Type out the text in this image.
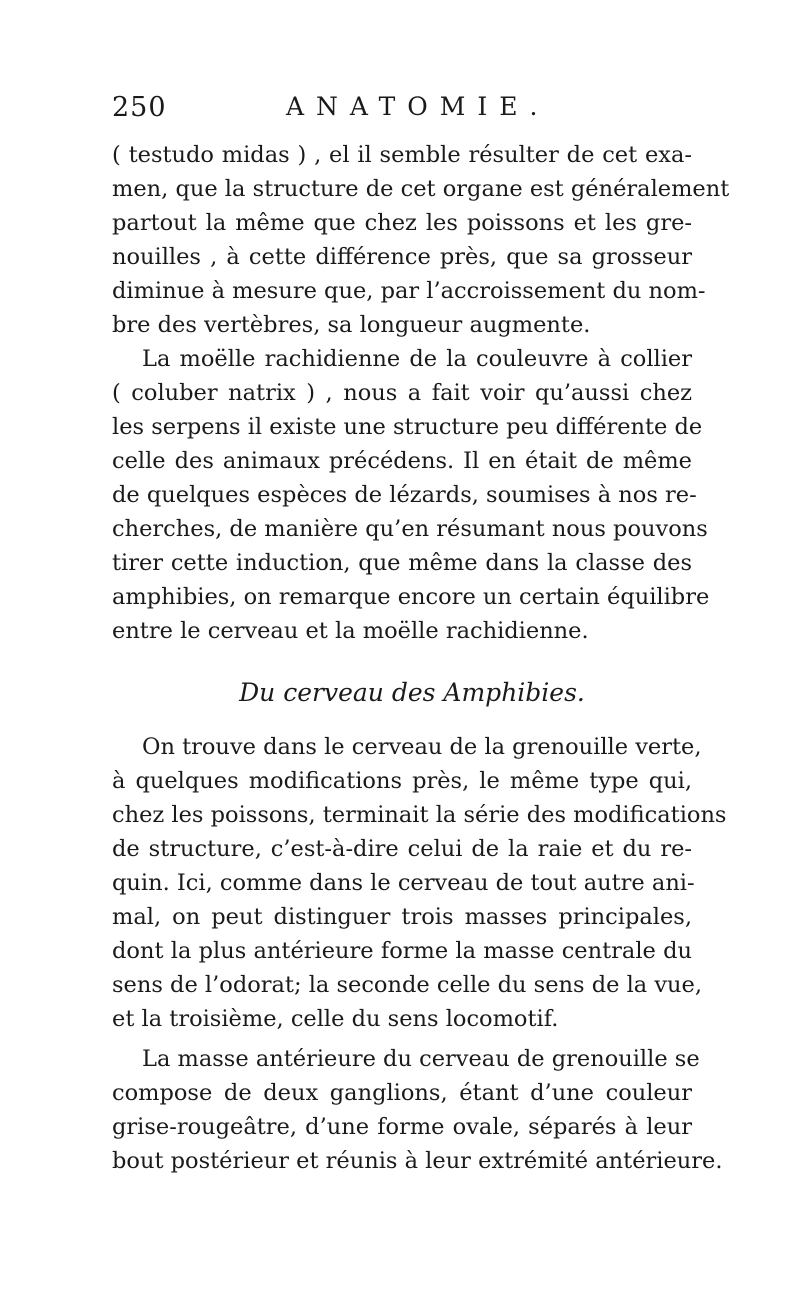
250	ANATOMIE.
( testudo midas ) , el il semble résulter de cet exa-
men, que la structure de cet organe est généralement
partout la même que chez les poissons et les gre-
nouilles , à cette différence près, que sa grosseur
diminue à mesure que, par l’accroissement du nom-
bre des vertèbres, sa longueur augmente.
La moëlle rachidienne de la couleuvre à collier
( coluber natrix ) , nous a fait voir qu’aussi chez
les serpens il existe une structure peu différente de
celle des animaux précédens. Il en était de même
de quelques espèces de lézards, soumises à nos re-
cherches, de manière qu’en résumant nous pouvons
tirer cette induction, que même dans la classe des
amphibies, on remarque encore un certain équilibre
entre le cerveau et la moëlle rachidienne.
Du cerveau des Amphibies.
On trouve dans le cerveau de la grenouille verte,
à quelques modifications près, le même type qui,
chez les poissons, terminait la série des modifications
de structure, c’est-à-dire celui de la raie et du re-
quin. Ici, comme dans le cerveau de tout autre ani-
mal, on peut distinguer trois masses principales,
dont la plus antérieure forme la masse centrale du
sens de l’odorat; la seconde celle du sens de la vue,
et la troisième, celle du sens locomotif.
La masse antérieure du cerveau de grenouille se
compose de deux ganglions, étant d’une couleur
grise-rougeâtre, d’une forme ovale, séparés à leur
bout postérieur et réunis à leur extrémité antérieure.
